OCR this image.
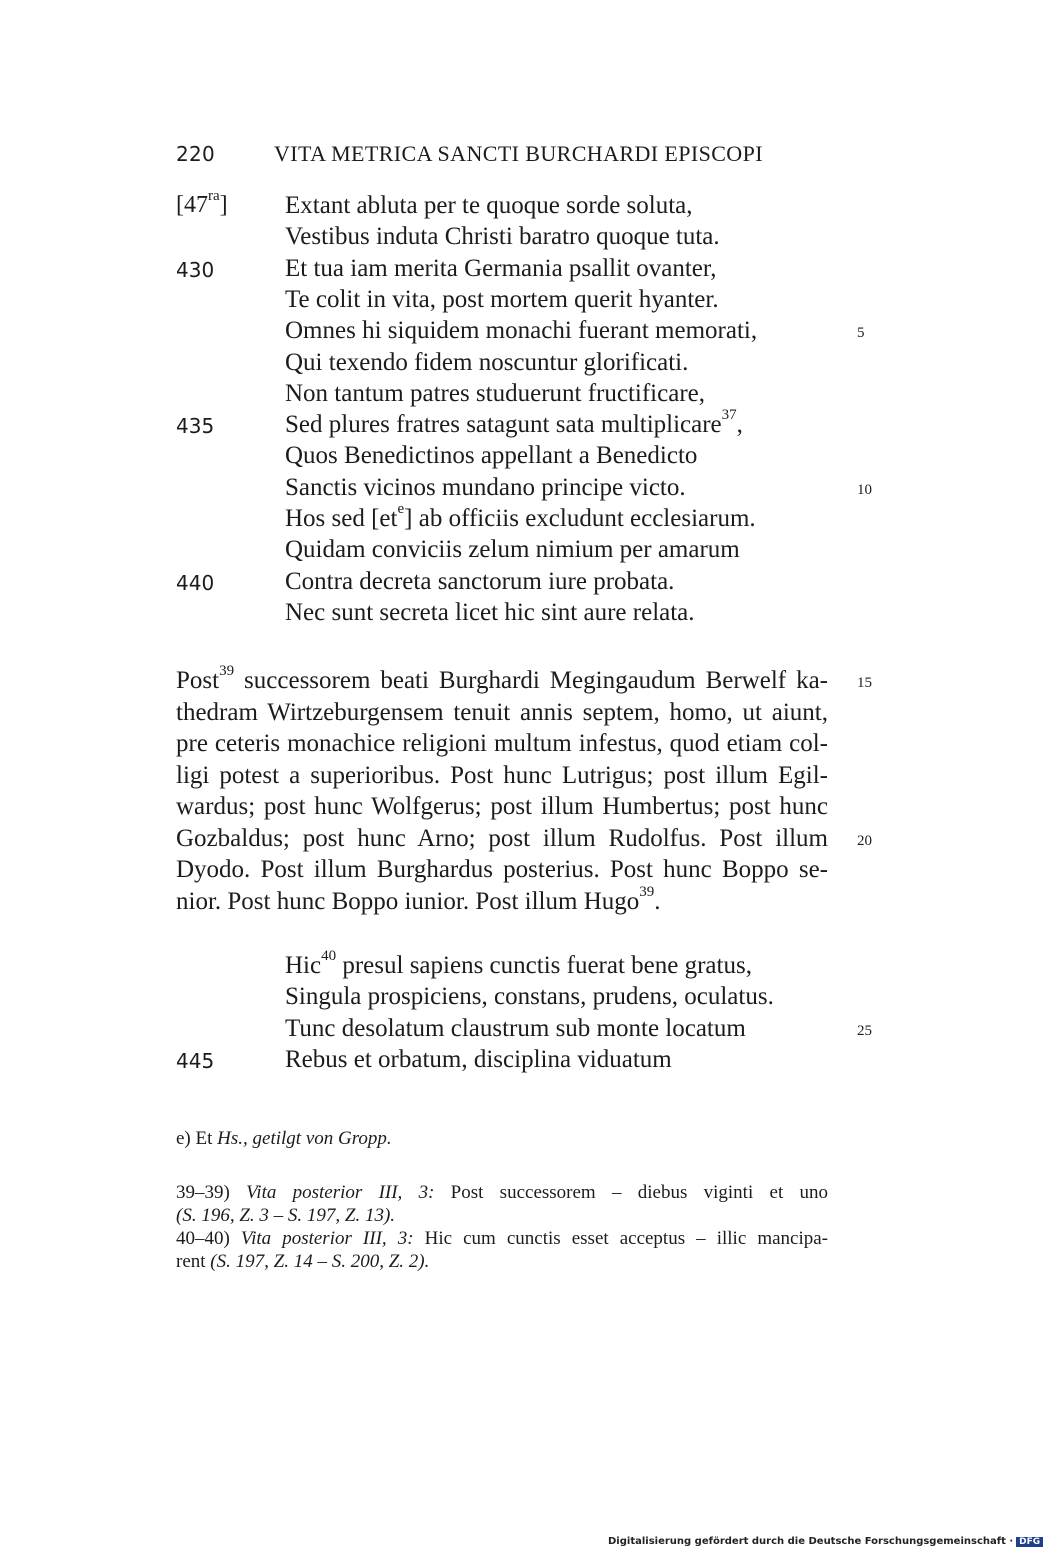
220	VITA METRICA SANCTI BURCHARDI EPISCOPI
$[47^{ra}]$ Extant abluta per te quoque sorde soluta,
Vestibus induta Christi baratro quoque tuta.
430	Et tua iam merita Germania psallit ovanter,
Te colit in vita, post mortem querit hyanter.
Omnes hi siquidem monachi fuerant memorati,	5
Qui texendo fidem noscuntur glorificati.
Non tantum patres studuerunt fructificare,
435	Sed plures fratres satagunt sata multiplicare$^{37}$,
Quos Benedictinos appellant a Benedicto
Sanctis vicinos mundano principe victo.	10
Hos sed $[et^e]$ ab officiis excludunt ecclesiarum.
Quidam conviciis zelum nimium per amarum
440	Contra decreta sanctorum iure probata.
Nec sunt secreta licet hic sint aure relata.
Post$^{39}$ successorem beati Burghardi Megingaudum Berwelf ka- 15
thedram Wirtzeburgensem tenuit annis septem, homo, ut aiunt,
pre ceteris monachice religioni multum infestus, quod etiam col-
ligi potest a superioribus. Post hunc Lutrigus; post illum Egil-
wardus; post hunc Wolfgerus; post illum Humbertus; post hunc
Gozbaldus; post hunc Arno; post illum Rudolfus. Post illum 20
Dyodo. Post illum Burghardus posterius. Post hunc Boppo se-
nior. Post hunc Boppo iunior. Post illum Hugo$^{39}$.
Hic$^{40}$ presul sapiens cunctis fuerat bene gratus,
Singula prospiciens, constans, prudens, oculatus.
Tunc desolatum claustrum sub monte locatum	25
445	Rebus et orbatum, disciplina viduatum
e) Et Hs., getilgt von Gropp.
39–39) Vita posterior III, 3: Post successorem – diebus viginti et uno
(S. 196, Z. 3 – S. 197, Z. 13).
40–40) Vita posterior III, 3: Hic cum cunctis esset acceptus – illic mancipa-
rent (S. 197, Z. 14 – S. 200, Z. 2).
Digitalisierung gefördert durch die Deutsche Forschungsgemeinschaft · DFG
